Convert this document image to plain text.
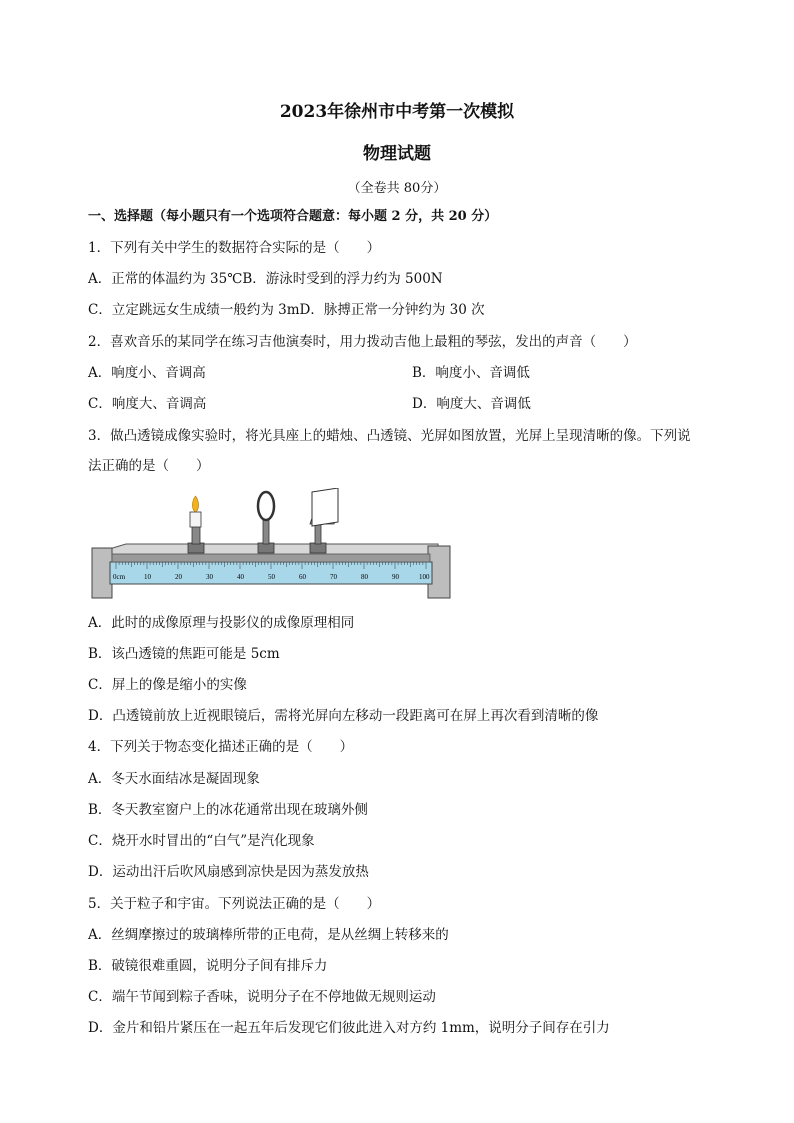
2023年徐州市中考第一次模拟
物理试题
（全卷共 80分）
一、选择题（每小题只有一个选项符合题意：每小题 2 分，共 20 分）
1．下列有关中学生的数据符合实际的是（　　）
A．正常的体温约为 35℃B．游泳时受到的浮力约为 500N
C．立定跳远女生成绩一般约为 3mD．脉搏正常一分钟约为 30 次
2．喜欢音乐的某同学在练习吉他演奏时，用力拨动吉他上最粗的琴弦，发出的声音（　　）
A．响度小、音调高	B．响度小、音调低
C．响度大、音调高	D．响度大、音调低
3．做凸透镜成像实验时，将光具座上的蜡烛、凸透镜、光屏如图放置，光屏上呈现清晰的像。下列说
法正确的是（　　）
0cm	10	20	30	40	50	60	70	80	90	100
A．此时的成像原理与投影仪的成像原理相同
B．该凸透镜的焦距可能是 5cm
C．屏上的像是缩小的实像
D．凸透镜前放上近视眼镜后，需将光屏向左移动一段距离可在屏上再次看到清晰的像
4．下列关于物态变化描述正确的是（　　）
A．冬天水面结冰是凝固现象
B．冬天教室窗户上的冰花通常出现在玻璃外侧
C．烧开水时冒出的“白气”是汽化现象
D．运动出汗后吹风扇感到凉快是因为蒸发放热
5．关于粒子和宇宙。下列说法正确的是（　　）
A．丝绸摩擦过的玻璃棒所带的正电荷，是从丝绸上转移来的
B．破镜很难重圆，说明分子间有排斥力
C．端午节闻到粽子香味，说明分子在不停地做无规则运动
D．金片和铅片紧压在一起五年后发现它们彼此进入对方约 1mm，说明分子间存在引力
